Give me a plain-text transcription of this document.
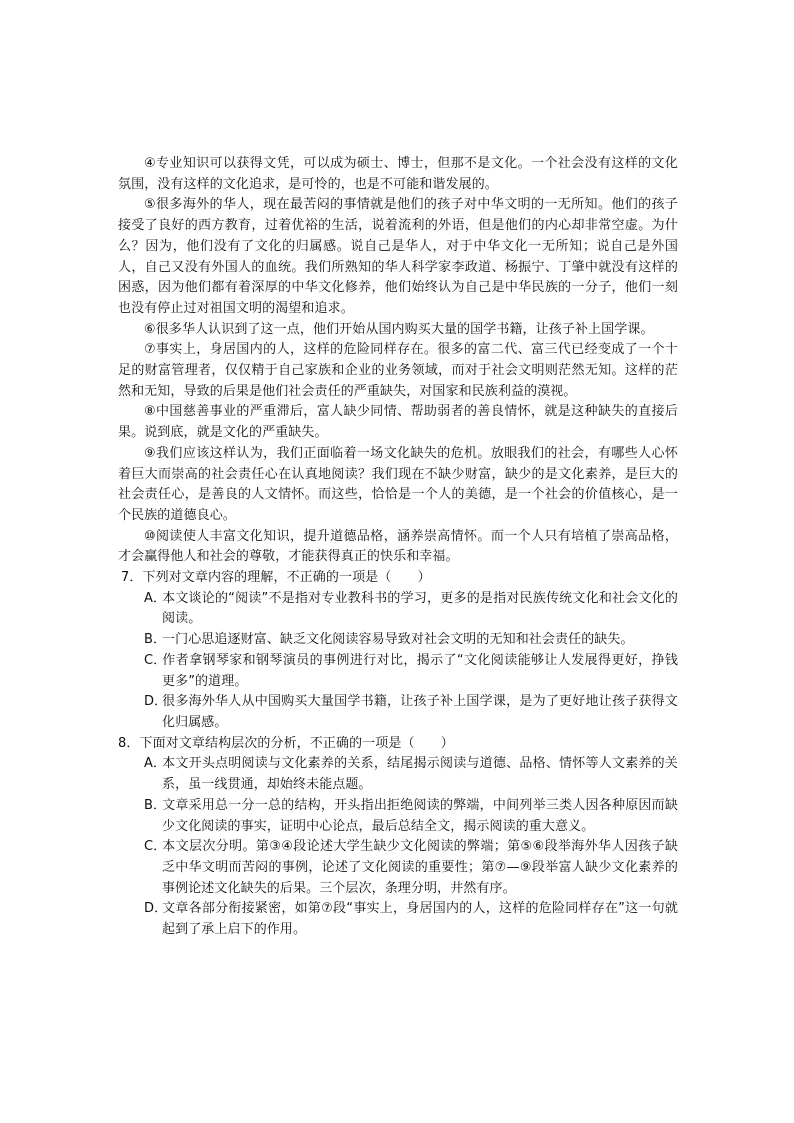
④专业知识可以获得文凭，可以成为硕士、博士，但那不是文化。一个社会没有这样的文化氛围，没有这样的文化追求，是可怜的，也是不可能和谐发展的。

⑤很多海外的华人，现在最苦闷的事情就是他们的孩子对中华文明的一无所知。他们的孩子接受了良好的西方教育，过着优裕的生活，说着流利的外语，但是他们的内心却非常空虚。为什么？因为，他们没有了文化的归属感。说自己是华人，对于中华文化一无所知；说自己是外国人，自己又没有外国人的血统。我们所熟知的华人科学家李政道、杨振宁、丁肇中就没有这样的困惑，因为他们都有着深厚的中华文化修养，他们始终认为自己是中华民族的一分子，他们一刻也没有停止过对祖国文明的渴望和追求。

⑥很多华人认识到了这一点，他们开始从国内购买大量的国学书籍，让孩子补上国学课。

⑦事实上，身居国内的人，这样的危险同样存在。很多的富二代、富三代已经变成了一个十足的财富管理者，仅仅精于自己家族和企业的业务领域，而对于社会文明则茫然无知。这样的茫然和无知，导致的后果是他们社会责任的严重缺失，对国家和民族利益的漠视。

⑧中国慈善事业的严重滞后，富人缺少同情、帮助弱者的善良情怀，就是这种缺失的直接后果。说到底，就是文化的严重缺失。

⑨我们应该这样认为，我们正面临着一场文化缺失的危机。放眼我们的社会，有哪些人心怀着巨大而崇高的社会责任心在认真地阅读？我们现在不缺少财富，缺少的是文化素养，是巨大的社会责任心，是善良的人文情怀。而这些，恰恰是一个人的美德，是一个社会的价值核心，是一个民族的道德良心。

⑩阅读使人丰富文化知识，提升道德品格，涵养崇高情怀。而一个人只有培植了崇高品格，才会赢得他人和社会的尊敬，才能获得真正的快乐和幸福。

7．下列对文章内容的理解，不正确的一项是（　　）

A．本文谈论的“阅读”不是指对专业教科书的学习，更多的是指对民族传统文化和社会文化的阅读。

B．一门心思追逐财富、缺乏文化阅读容易导致对社会文明的无知和社会责任的缺失。

C．作者拿钢琴家和钢琴演员的事例进行对比，揭示了“文化阅读能够让人发展得更好，挣钱更多”的道理。

D．很多海外华人从中国购买大量国学书籍，让孩子补上国学课，是为了更好地让孩子获得文化归属感。

8．下面对文章结构层次的分析，不正确的一项是（　　）

A．本文开头点明阅读与文化素养的关系，结尾揭示阅读与道德、品格、情怀等人文素养的关系，虽一线贯通，却始终未能点题。

B．文章采用总一分一总的结构，开头指出拒绝阅读的弊端，中间列举三类人因各种原因而缺少文化阅读的事实，证明中心论点，最后总结全文，揭示阅读的重大意义。

C．本文层次分明。第③④段论述大学生缺少文化阅读的弊端；第⑤⑥段举海外华人因孩子缺乏中华文明而苦闷的事例，论述了文化阅读的重要性；第⑦—⑨段举富人缺少文化素养的事例论述文化缺失的后果。三个层次，条理分明，井然有序。

D．文章各部分衔接紧密，如第⑦段“事实上，身居国内的人，这样的危险同样存在”这一句就起到了承上启下的作用。
